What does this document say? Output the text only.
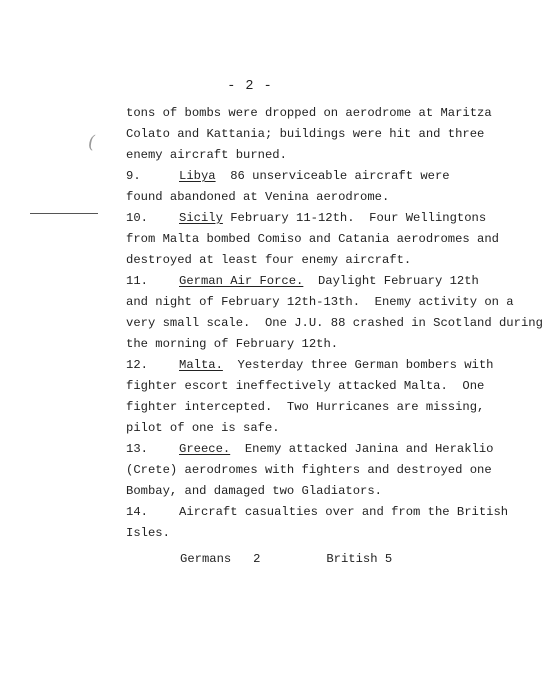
(
- 2 -
tons of bombs were dropped on aerodrome at Maritza
Colato and Kattania; buildings were hit and three
enemy aircraft burned.
9.	Libya  86 unserviceable aircraft were
found abandoned at Venina aerodrome.
10.	Sicily February 11-12th.  Four Wellingtons
from Malta bombed Comiso and Catania aerodromes and
destroyed at least four enemy aircraft.
11.	German Air Force.  Daylight February 12th
and night of February 12th-13th.  Enemy activity on a
very small scale.  One J.U. 88 crashed in Scotland during
the morning of February 12th.
12.	Malta.  Yesterday three German bombers with
fighter escort ineffectively attacked Malta.  One
fighter intercepted.  Two Hurricanes are missing,
pilot of one is safe.
13.	Greece.  Enemy attacked Janina and Heraklio
(Crete) aerodromes with fighters and destroyed one
Bombay, and damaged two Gladiators.
14.	Aircraft casualties over and from the British
Isles.
Germans 2	British 5
